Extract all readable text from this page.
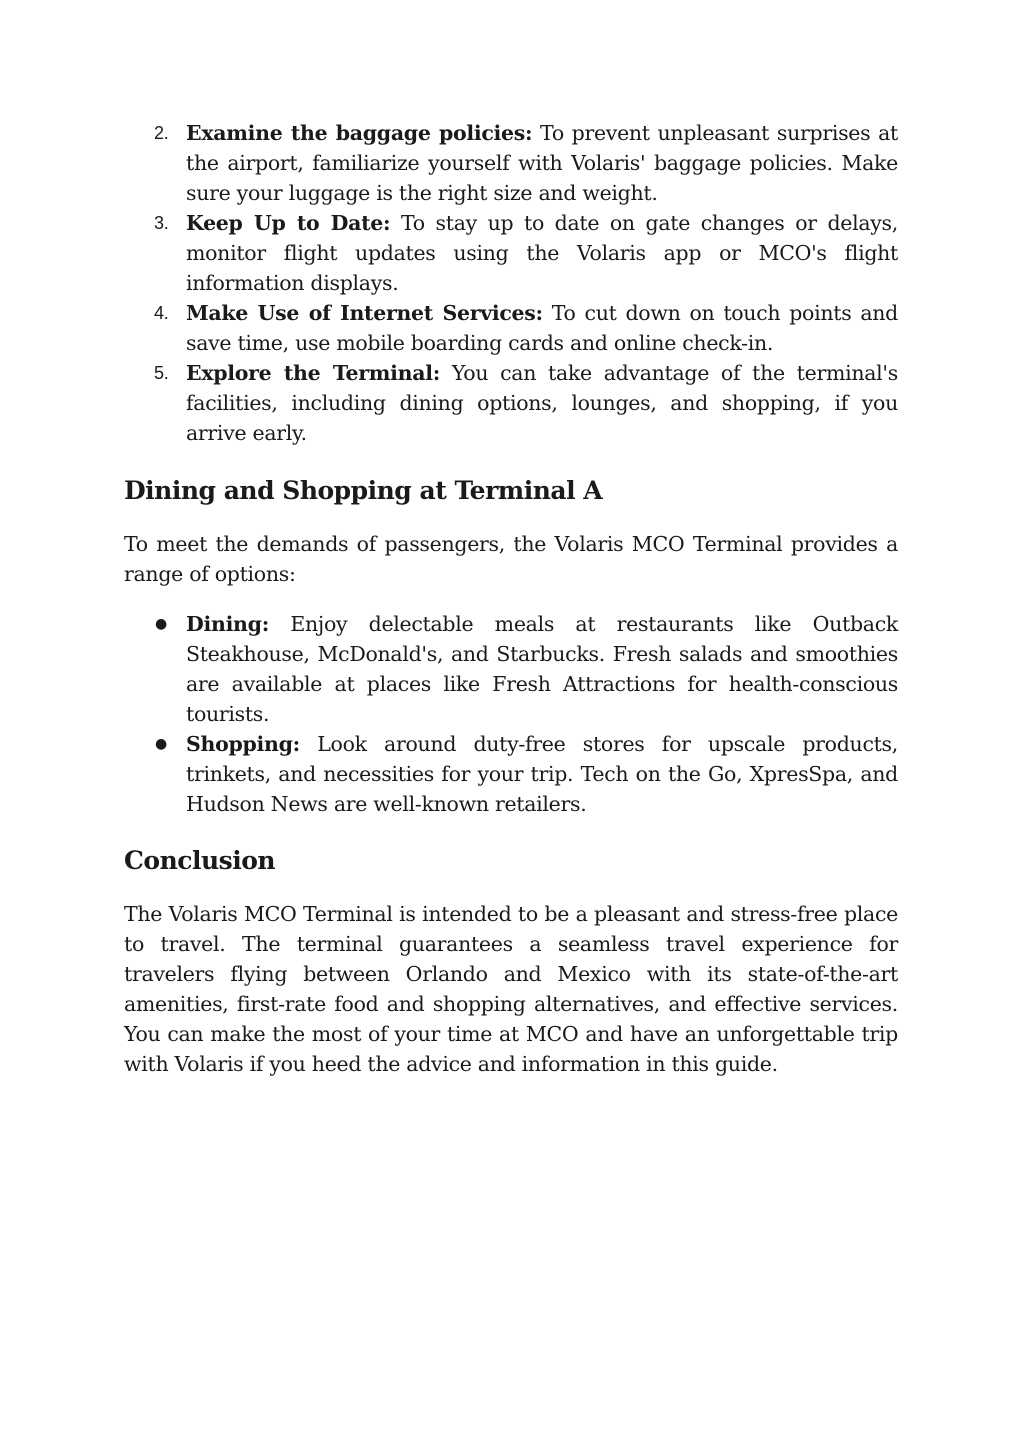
2. Examine the baggage policies: To prevent unpleasant surprises at the airport, familiarize yourself with Volaris' baggage policies. Make sure your luggage is the right size and weight.
3. Keep Up to Date: To stay up to date on gate changes or delays, monitor flight updates using the Volaris app or MCO's flight information displays.
4. Make Use of Internet Services: To cut down on touch points and save time, use mobile boarding cards and online check-in.
5. Explore the Terminal: You can take advantage of the terminal's facilities, including dining options, lounges, and shopping, if you arrive early.
Dining and Shopping at Terminal A

To meet the demands of passengers, the Volaris MCO Terminal provides a range of options:

● Dining: Enjoy delectable meals at restaurants like Outback Steakhouse, McDonald's, and Starbucks. Fresh salads and smoothies are available at places like Fresh Attractions for health-conscious tourists.
● Shopping: Look around duty-free stores for upscale products, trinkets, and necessities for your trip. Tech on the Go, XpresSpa, and Hudson News are well-known retailers.
Conclusion

The Volaris MCO Terminal is intended to be a pleasant and stress-free place to travel. The terminal guarantees a seamless travel experience for travelers flying between Orlando and Mexico with its state-of-the-art amenities, first-rate food and shopping alternatives, and effective services. You can make the most of your time at MCO and have an unforgettable trip with Volaris if you heed the advice and information in this guide.
